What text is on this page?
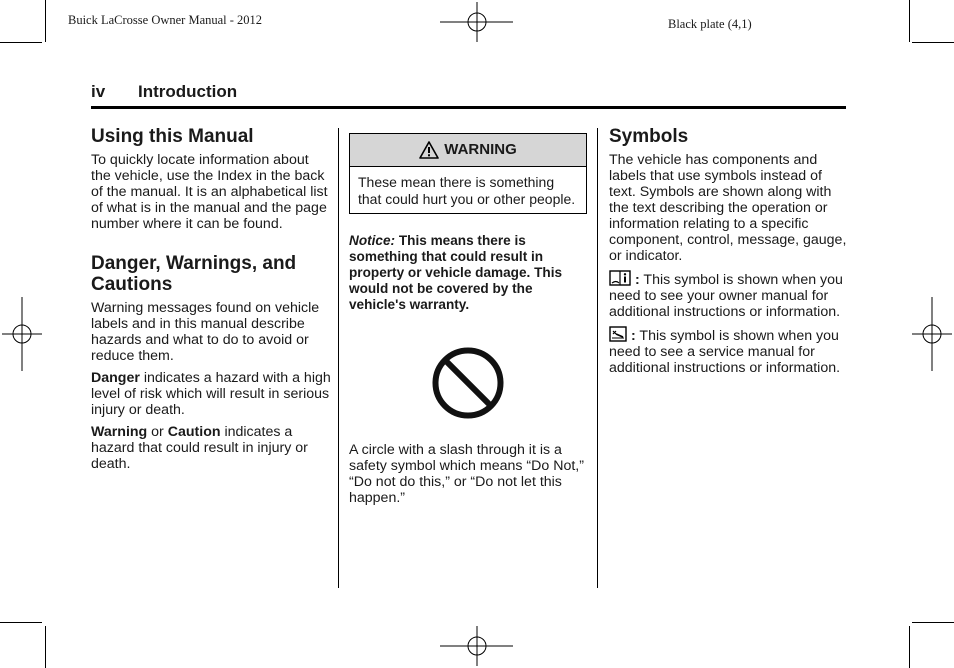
Buick LaCrosse Owner Manual - 2012	Black plate (4,1)
iv Introduction
Using this Manual

To quickly locate information about the vehicle, use the Index in the back of the manual. It is an alphabetical list of what is in the manual and the page number where it can be found.

Danger, Warnings, and Cautions

Warning messages found on vehicle labels and in this manual describe hazards and what to do to avoid or reduce them.

Danger indicates a hazard with a high level of risk which will result in serious injury or death.

Warning or Caution indicates a hazard that could result in injury or death.

WARNING
These mean there is something that could hurt you or other people.

Notice: This means there is something that could result in property or vehicle damage. This would not be covered by the vehicle's warranty.

A circle with a slash through it is a safety symbol which means “Do Not,” “Do not do this,” or “Do not let this happen.”

Symbols

The vehicle has components and labels that use symbols instead of text. Symbols are shown along with the text describing the operation or information relating to a specific component, control, message, gauge, or indicator.

: This symbol is shown when you need to see your owner manual for additional instructions or information.

: This symbol is shown when you need to see a service manual for additional instructions or information.
